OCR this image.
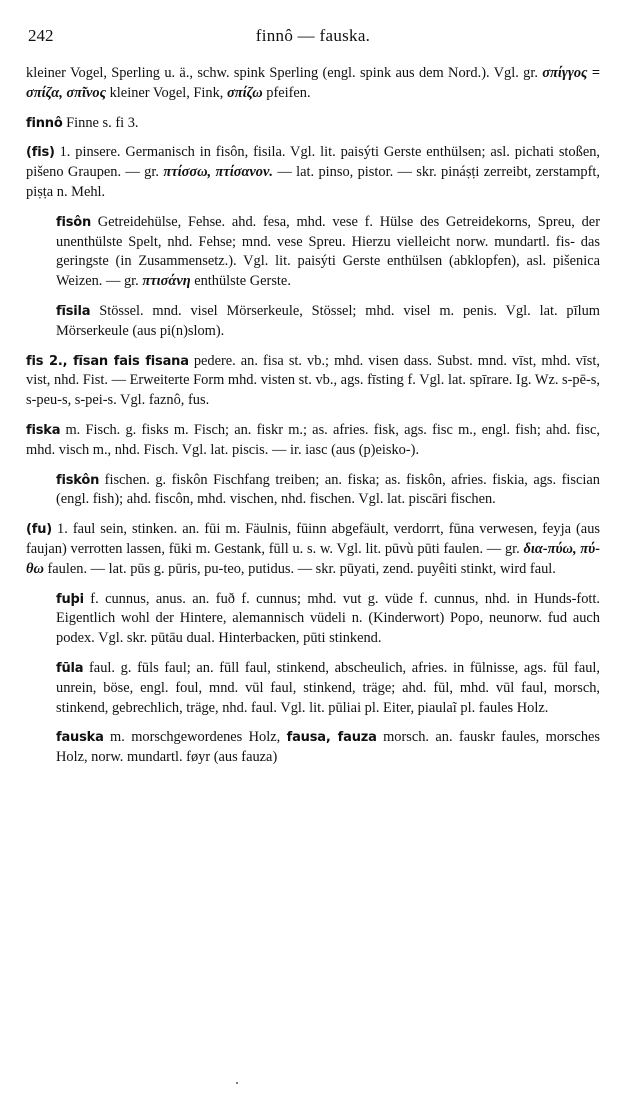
242	finnô — fauska.

kleiner Vogel, Sperling u. ä., schw. spink Sperling (engl. spink aus dem Nord.). Vgl. gr. σπίγγος = σπίζα, σπῖνος kleiner Vogel, Fink, σπίζω pfeifen.

finnô Finne s. fi 3.

(fis) 1. pinsere. Germanisch in fisôn, fisila. Vgl. lit. paisýti Gerste enthülsen; asl. pichati stoßen, pišeno Graupen. — gr. πτίσσω, πτίσανον. — lat. pinso, pistor. — skr. pináṣṭi zerreibt, zerstampft, piṣṭa n. Mehl.

fisôn Getreidehülse, Fehse. ahd. fesa, mhd. vese f. Hülse des Getreidekorns, Spreu, der unenthülste Spelt, nhd. Fehse; mnd. vese Spreu. Hierzu vielleicht norw. mundartl. fis- das geringste (in Zusammensetz.). Vgl. lit. paisýti Gerste enthülsen (abklopfen), asl. pišenica Weizen. — gr. πτισάνη enthülste Gerste.

fīsila Stössel. mnd. visel Mörserkeule, Stössel; mhd. visel m. penis. Vgl. lat. pīlum Mörserkeule (aus pi(n)slom).

fis 2., fīsan fais fisana pedere. an. fisa st. vb.; mhd. visen dass. Subst. mnd. vīst, mhd. vīst, vist, nhd. Fist. — Erweiterte Form mhd. visten st. vb., ags. fīsting f. Vgl. lat. spīrare. Ig. Wz. s-pē-s, s-peu-s, s-pei-s. Vgl. faznô, fus.

fiska m. Fisch. g. fisks m. Fisch; an. fiskr m.; as. afries. fisk, ags. fisc m., engl. fish; ahd. fisc, mhd. visch m., nhd. Fisch. Vgl. lat. piscis. — ir. iasc (aus (p)eisko-).

fiskôn fischen. g. fiskôn Fischfang treiben; an. fiska; as. fiskôn, afries. fiskia, ags. fiscian (engl. fish); ahd. fiscôn, mhd. vischen, nhd. fischen. Vgl. lat. piscāri fischen.

(fu) 1. faul sein, stinken. an. fūi m. Fäulnis, fūinn abgefäult, verdorrt, fūna verwesen, feyja (aus faujan) verrotten lassen, fūki m. Gestank, fūll u. s. w. Vgl. lit. pūvù pūti faulen. — gr. δια-πύω, πύ-θω faulen. — lat. pūs g. pūris, pu-teo, putidus. — skr. pūyati, zend. puyêiti stinkt, wird faul.

fuþi f. cunnus, anus. an. fuð f. cunnus; mhd. vut g. vüde f. cunnus, nhd. in Hunds-fott. Eigentlich wohl der Hintere, alemannisch vüdeli n. (Kinderwort) Popo, neunorw. fud auch podex. Vgl. skr. pūtāu dual. Hinterbacken, pūti stinkend.

fūla faul. g. fūls faul; an. fūll faul, stinkend, abscheulich, afries. in fūlnisse, ags. fūl faul, unrein, böse, engl. foul, mnd. vūl faul, stinkend, träge; ahd. fūl, mhd. vūl faul, morsch, stinkend, gebrechlich, träge, nhd. faul. Vgl. lit. pūliai pl. Eiter, piaulaĩ pl. faules Holz.

fauska m. morschgewordenes Holz, fausa, fauza morsch. an. fauskr faules, morsches Holz, norw. mundartl. føyr (aus fauza)
